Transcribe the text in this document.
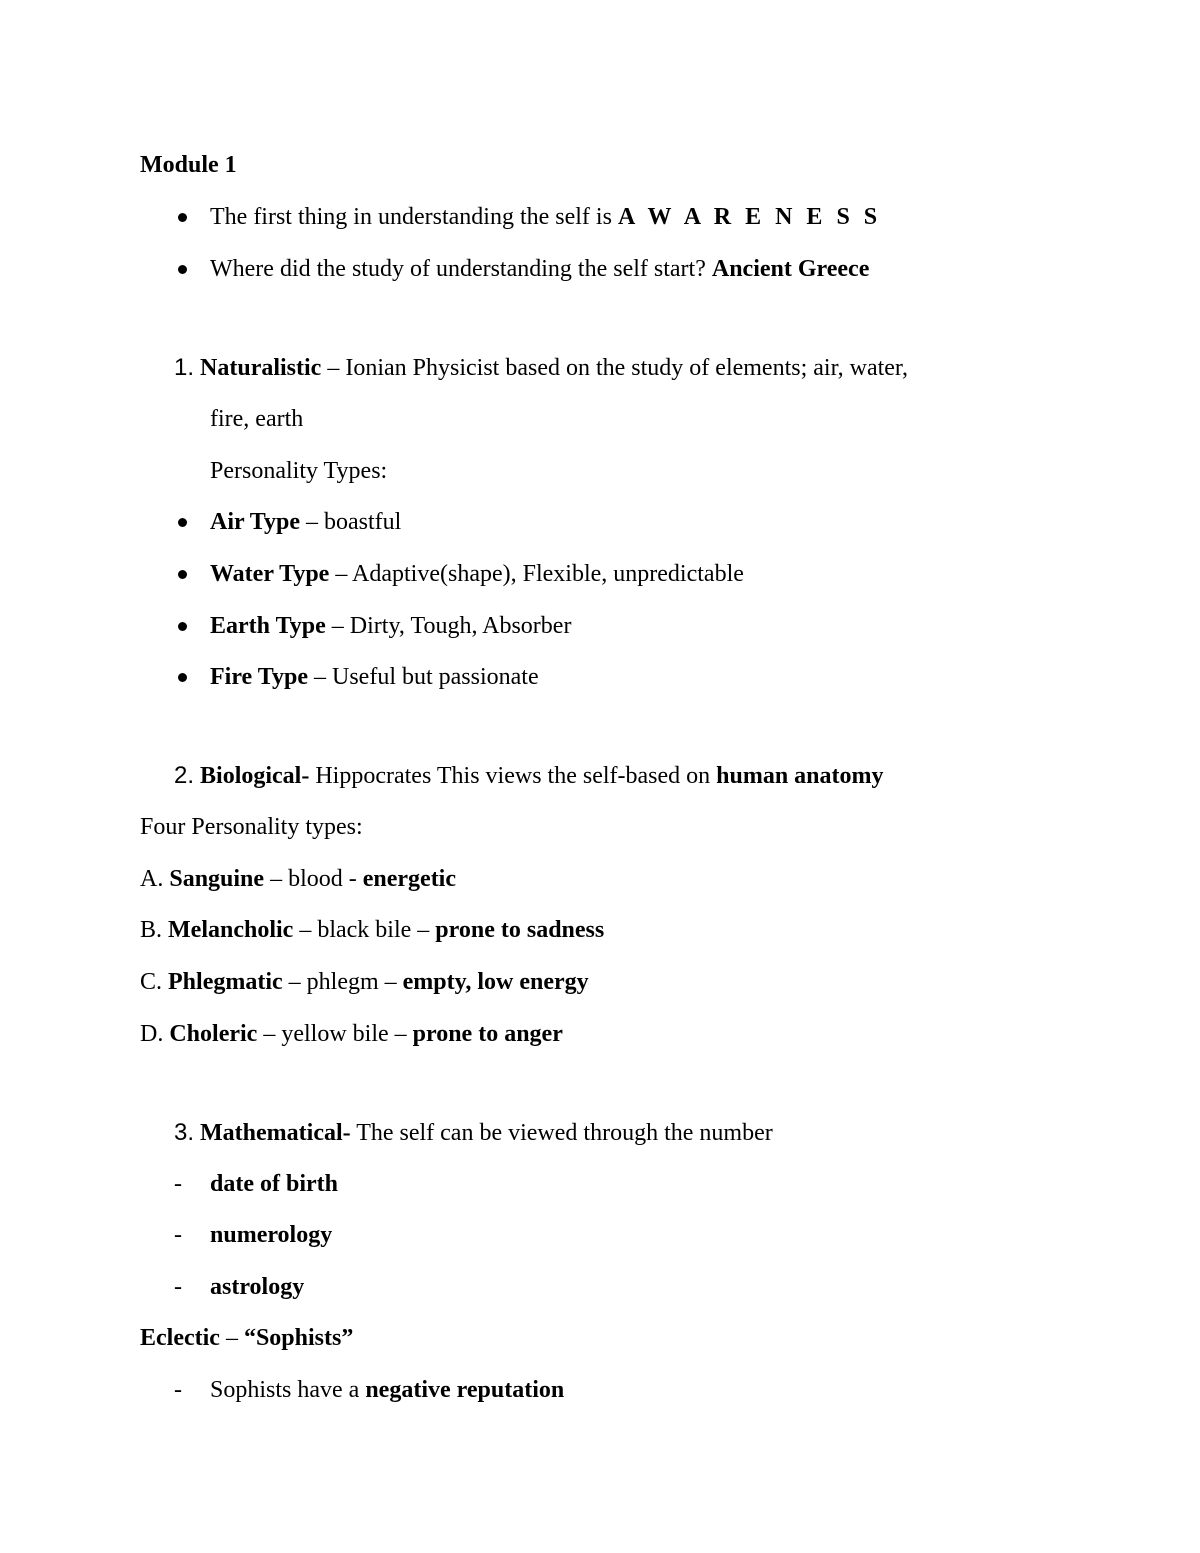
Module 1
The first thing in understanding the self is A W A R E N E S S
Where did the study of understanding the self start? Ancient Greece
1. Naturalistic – Ionian Physicist based on the study of elements; air, water,
fire, earth
Personality Types:
Air Type – boastful
Water Type – Adaptive(shape), Flexible, unpredictable
Earth Type – Dirty, Tough, Absorber
Fire Type – Useful but passionate
2. Biological- Hippocrates This views the self-based on human anatomy
Four Personality types:
A. Sanguine – blood - energetic
B. Melancholic – black bile – prone to sadness
C. Phlegmatic – phlegm – empty, low energy
D. Choleric – yellow bile – prone to anger
3. Mathematical- The self can be viewed through the number
- date of birth
- numerology
- astrology
Eclectic – “Sophists”
- Sophists have a negative reputation
